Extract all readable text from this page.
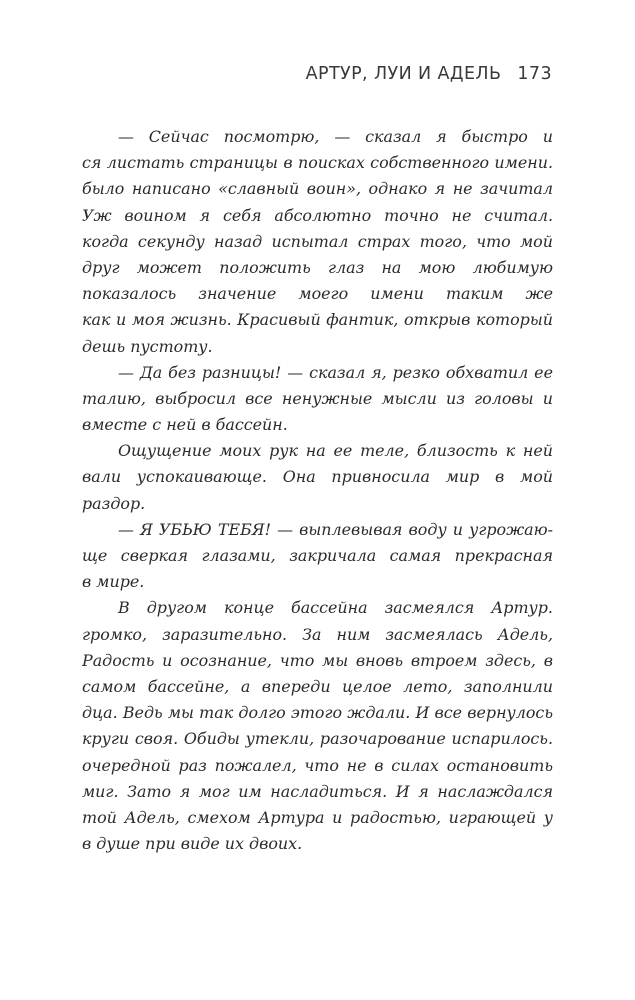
АРТУР, ЛУИ И АДЕЛЬ 173

— Сейчас посмотрю, — сказал я быстро и
ся листать страницы в поисках собственного имени.
было написано «славный воин», однако я не зачитал
Уж воином я себя абсолютно точно не считал.
когда секунду назад испытал страх того, что мой
друг может положить глаз на мою любимую
показалось значение моего имени таким же
как и моя жизнь. Красивый фантик, открыв который
дешь пустоту.

— Да без разницы! — сказал я, резко обхватил ее
талию, выбросил все ненужные мысли из головы и
вместе с ней в бассейн.

Ощущение моих рук на ее теле, близость к ней
вали успокаивающе. Она привносила мир в мой
раздор.

— Я УБЬЮ ТЕБЯ! — выплевывая воду и угрожаю-
ще сверкая глазами, закричала самая прекрасная
в мире.

В другом конце бассейна засмеялся Артур.
громко, заразительно. За ним засмеялась Адель,
Радость и осознание, что мы вновь втроем здесь, в
самом бассейне, а впереди целое лето, заполнили
дца. Ведь мы так долго этого ждали. И все вернулось
круги своя. Обиды утекли, разочарование испарилось.
очередной раз пожалел, что не в силах остановить
миг. Зато я мог им насладиться. И я наслаждался
той Адель, смехом Артура и радостью, играющей у
в душе при виде их двоих.
